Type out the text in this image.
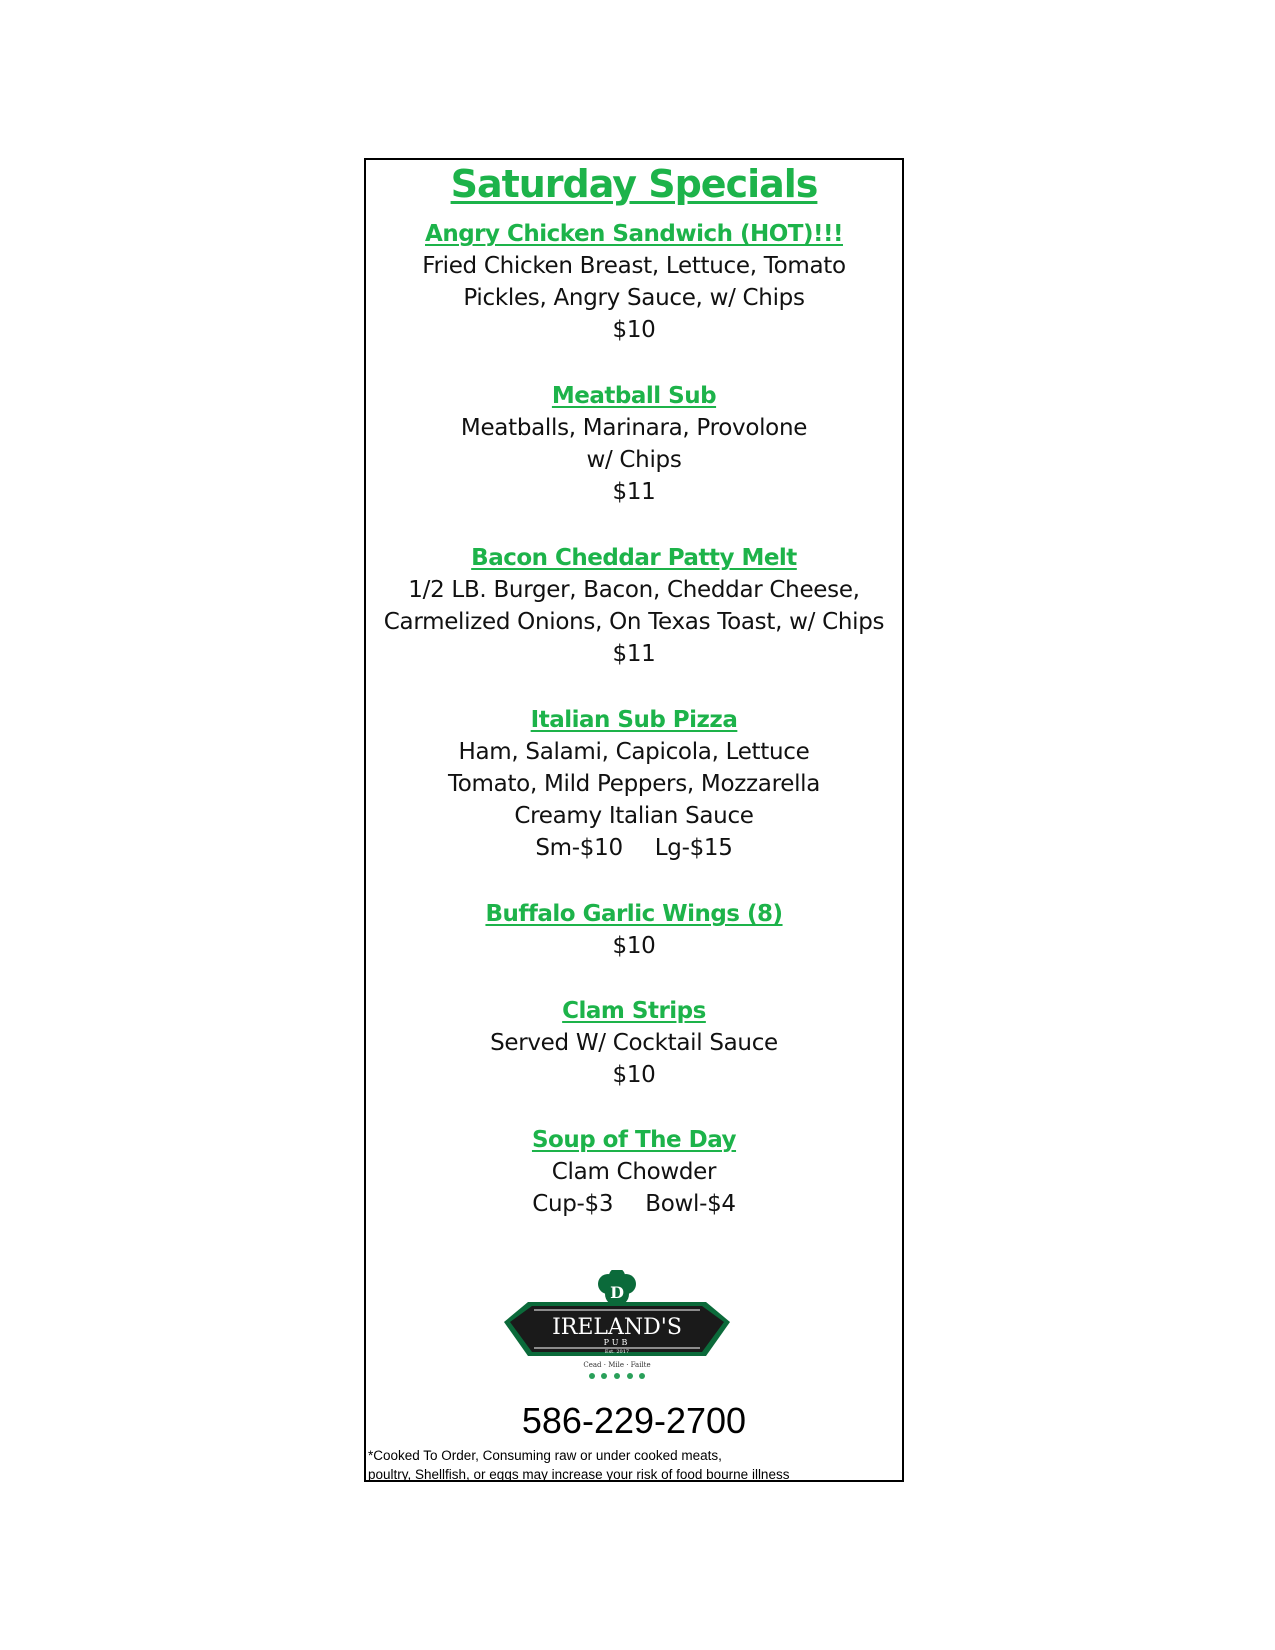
Saturday Specials
Angry Chicken Sandwich (HOT)!!!
Fried Chicken Breast, Lettuce, Tomato
Pickles, Angry Sauce, w/ Chips
$10
Meatball Sub
Meatballs, Marinara, Provolone
w/ Chips
$11
Bacon Cheddar Patty Melt
1/2 LB. Burger, Bacon, Cheddar Cheese,
Carmelized Onions, On Texas Toast, w/ Chips
$11
Italian Sub Pizza
Ham, Salami, Capicola, Lettuce
Tomato, Mild Peppers, Mozzarella
Creamy Italian Sauce
Sm-$10 Lg-$15
Buffalo Garlic Wings (8)
$10
Clam Strips
Served W/ Cocktail Sauce
$10
Soup of The Day
Clam Chowder
Cup-$3 Bowl-$4
D
IRELAND'S
PUB
Est. 2017
Cead · Mile · Failte
586-229-2700
*Cooked To Order, Consuming raw or under cooked meats,
poultry, Shellfish, or eggs may increase your risk of food bourne illness
